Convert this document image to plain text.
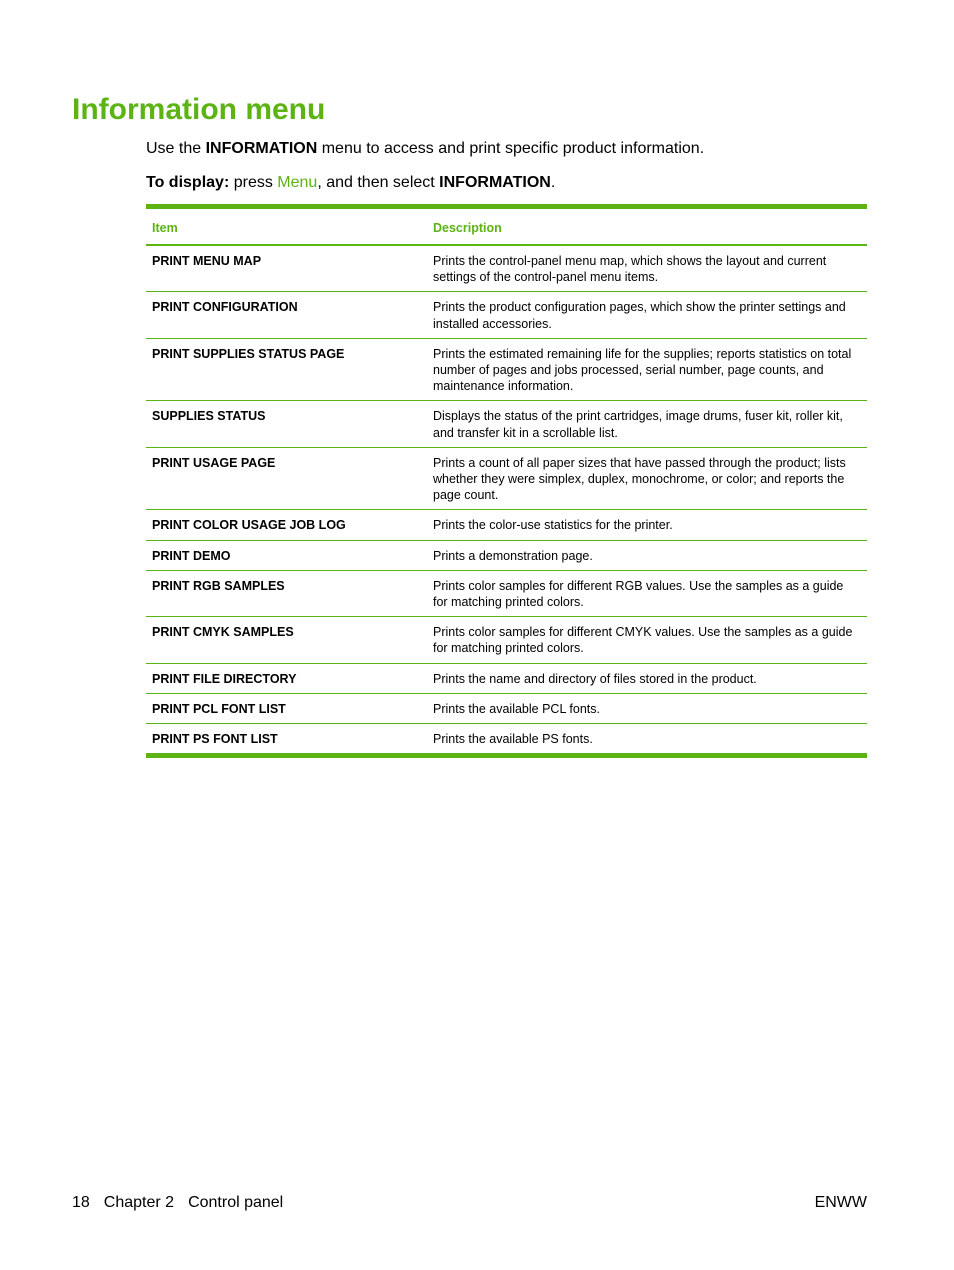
Information menu

Use the INFORMATION menu to access and print specific product information.

To display: press Menu, and then select INFORMATION.

Item	Description
PRINT MENU MAP	Prints the control-panel menu map, which shows the layout and current settings of the control-panel menu items.
PRINT CONFIGURATION	Prints the product configuration pages, which show the printer settings and installed accessories.
PRINT SUPPLIES STATUS PAGE	Prints the estimated remaining life for the supplies; reports statistics on total number of pages and jobs processed, serial number, page counts, and maintenance information.
SUPPLIES STATUS	Displays the status of the print cartridges, image drums, fuser kit, roller kit, and transfer kit in a scrollable list.
PRINT USAGE PAGE	Prints a count of all paper sizes that have passed through the product; lists whether they were simplex, duplex, monochrome, or color; and reports the page count.
PRINT COLOR USAGE JOB LOG	Prints the color-use statistics for the printer.
PRINT DEMO	Prints a demonstration page.
PRINT RGB SAMPLES	Prints color samples for different RGB values. Use the samples as a guide for matching printed colors.
PRINT CMYK SAMPLES	Prints color samples for different CMYK values. Use the samples as a guide for matching printed colors.
PRINT FILE DIRECTORY	Prints the name and directory of files stored in the product.
PRINT PCL FONT LIST	Prints the available PCL fonts.
PRINT PS FONT LIST	Prints the available PS fonts.
18 Chapter 2 Control panel	ENWW
